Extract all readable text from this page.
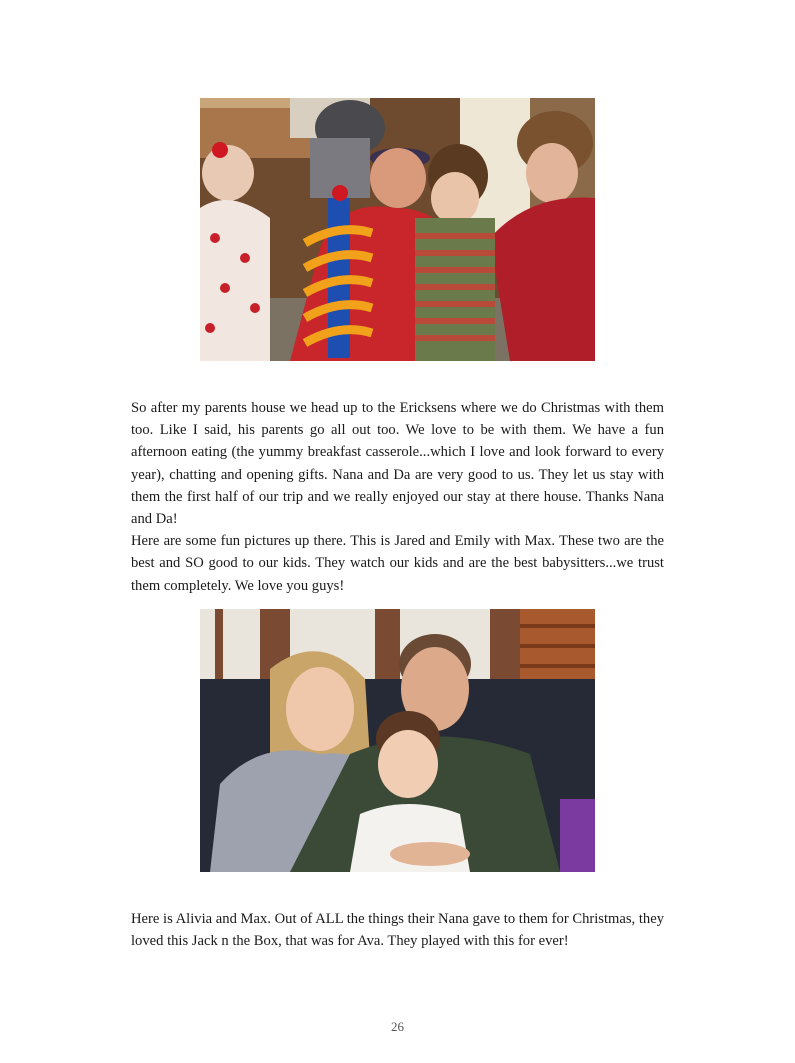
So after my parents house we head up to the Ericksens where we do Christmas with them too. Like I said, his parents go all out too. We love to be with them. We have a fun afternoon eating (the yummy breakfast casserole...which I love and look forward to every year), chatting and opening gifts. Nana and Da are very good to us. They let us stay with them the first half of our trip and we really enjoyed our stay at there house. Thanks Nana and Da!
Here are some fun pictures up there. This is Jared and Emily with Max. These two are the best and SO good to our kids. They watch our kids and are the best babysitters...we trust them completely. We love you guys!

Here is Alivia and Max. Out of ALL the things their Nana gave to them for Christmas, they loved this Jack n the Box, that was for Ava. They played with this for ever!

26
